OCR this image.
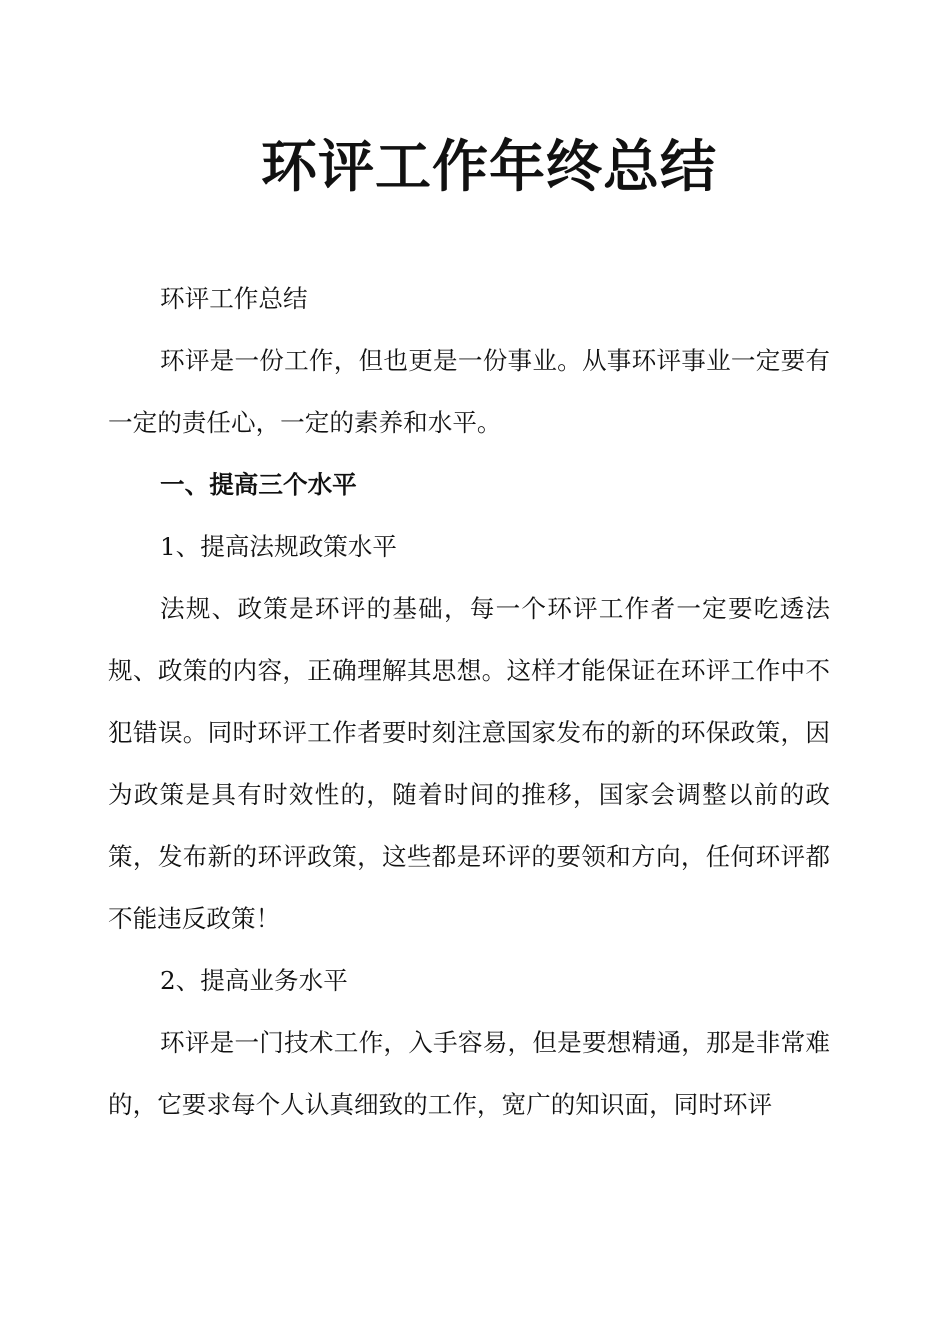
环评工作年终总结

环评工作总结

环评是一份工作，但也更是一份事业。从事环评事业一定要有一定的责任心，一定的素养和水平。

一、提高三个水平

1、提高法规政策水平

法规、政策是环评的基础，每一个环评工作者一定要吃透法规、政策的内容，正确理解其思想。这样才能保证在环评工作中不犯错误。同时环评工作者要时刻注意国家发布的新的环保政策，因为政策是具有时效性的，随着时间的推移，国家会调整以前的政策，发布新的环评政策，这些都是环评的要领和方向，任何环评都不能违反政策！

2、提高业务水平

环评是一门技术工作，入手容易，但是要想精通，那是非常难的，它要求每个人认真细致的工作，宽广的知识面，同时环评
